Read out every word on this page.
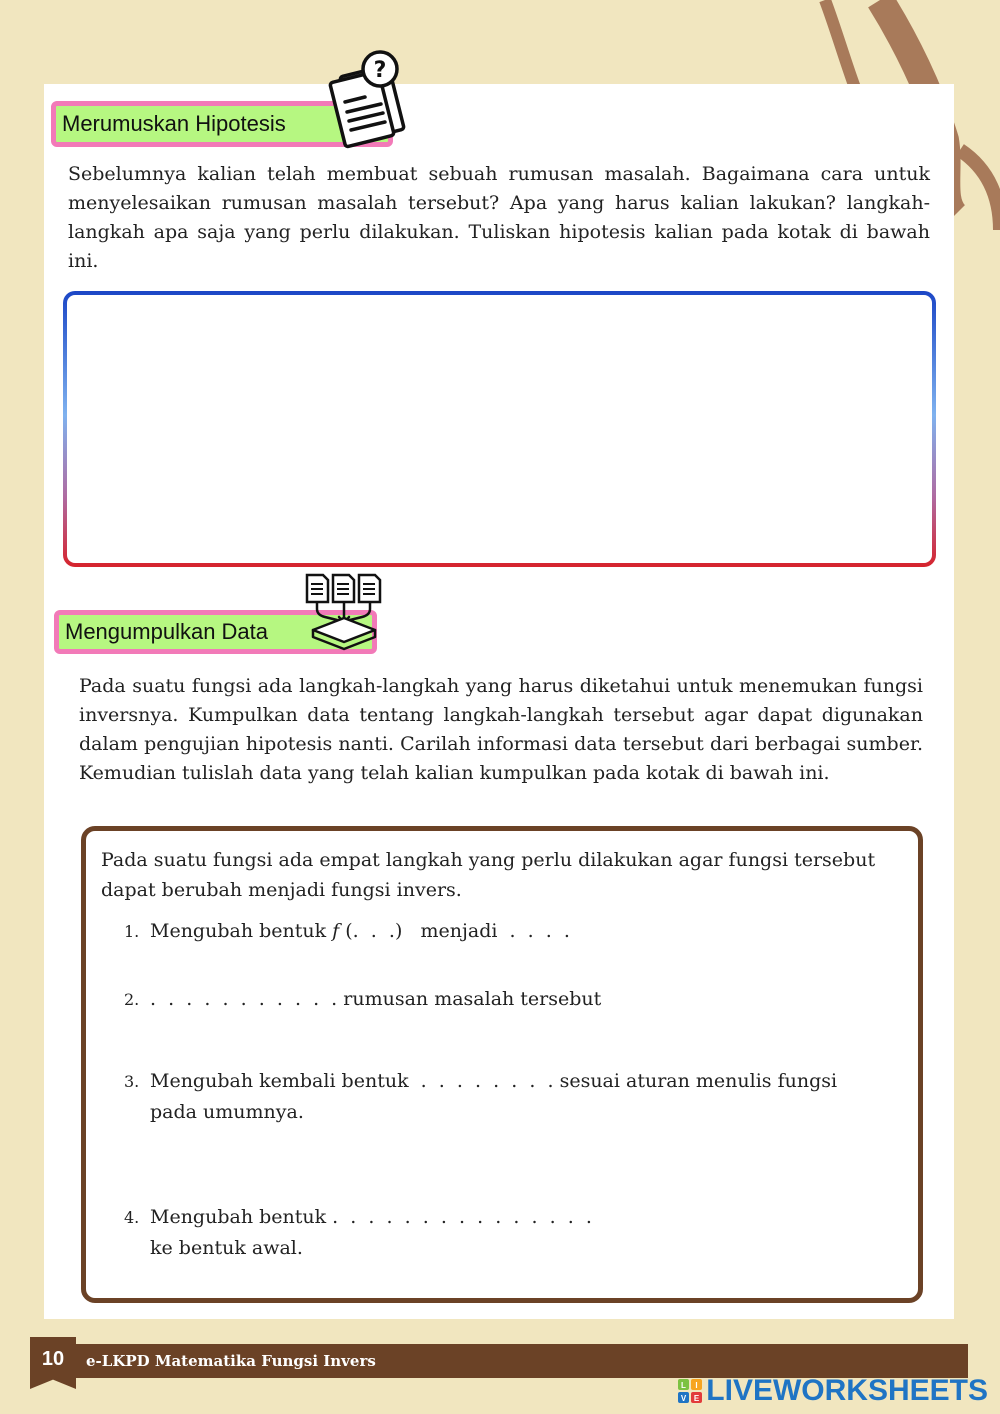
Merumuskan Hipotesis
?

Sebelumnya kalian telah membuat sebuah rumusan masalah. Bagaimana cara untuk menyelesaikan rumusan masalah tersebut? Apa yang harus kalian lakukan? langkah-langkah apa saja yang perlu dilakukan. Tuliskan hipotesis kalian pada kotak di bawah ini.

Mengumpulkan Data

Pada suatu fungsi ada langkah-langkah yang harus diketahui untuk menemukan fungsi inversnya. Kumpulkan data tentang langkah-langkah tersebut agar dapat digunakan dalam pengujian hipotesis nanti. Carilah informasi data tersebut dari berbagai sumber. Kemudian tulislah data yang telah kalian kumpulkan pada kotak di bawah ini.

Pada suatu fungsi ada empat langkah yang perlu dilakukan agar fungsi tersebut dapat berubah menjadi fungsi invers.

1. Mengubah bentuk f (.  .  .)   menjadi  .  .  .  .
2. .  .  .  .  .  .  .  .  .  .  . rumusan masalah tersebut
3. Mengubah kembali bentuk  .  .  .  .  .  .  .  . sesuai aturan menulis fungsi
pada umumnya.
4. Mengubah bentuk .  .  .  .  .  .  .  .  .  .  .  .  .  .  .
ke bentuk awal.
10	e-LKPD Matematika Fungsi Invers
L I
V E LIVEWORKSHEETS
